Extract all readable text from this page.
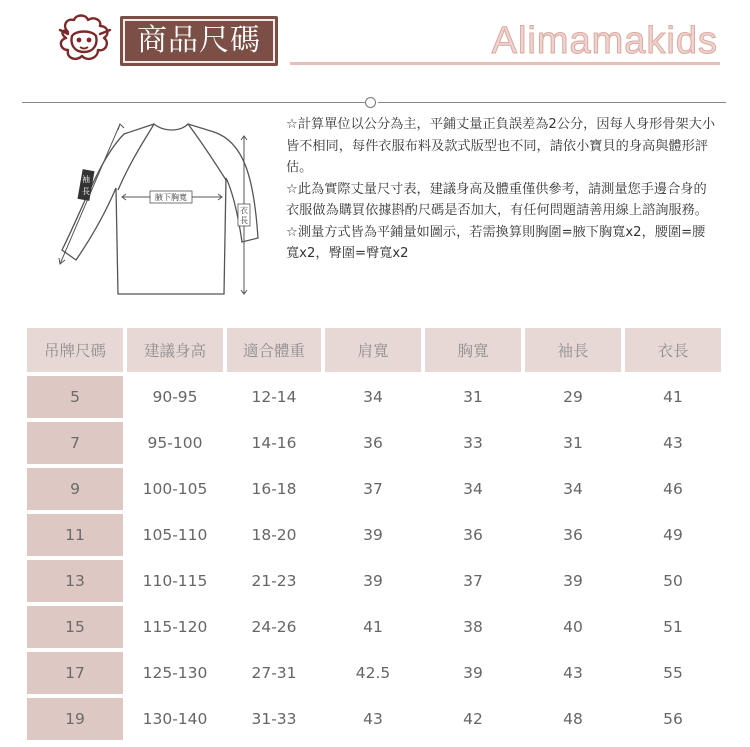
商品尺碼	Alimamakids
腋下胸寬
衣
長
袖
長

☆計算單位以公分為主，平鋪丈量正負誤差為2公分，因每人身形骨架大小皆不相同，每件衣服布料及款式版型也不同，請依小寶貝的身高與體形評估。

☆此為實際丈量尺寸表，建議身高及體重僅供參考，請測量您手邊合身的衣服做為購買依據斟酌尺碼是否加大，有任何問題請善用線上諮詢服務。

☆測量方式皆為平鋪量如圖示，若需換算則胸圍=腋下胸寬x2，腰圍=腰寬x2，臀圍=臀寬x2

吊牌尺碼	建議身高	適合體重	肩寬	胸寬	袖長	衣長
5	90-95	12-14	34	31	29	41
7	95-100	14-16	36	33	31	43
9	100-105	16-18	37	34	34	46
11	105-110	18-20	39	36	36	49
13	110-115	21-23	39	37	39	50
15	115-120	24-26	41	38	40	51
17	125-130	27-31	42.5	39	43	55
19	130-140	31-33	43	42	48	56
